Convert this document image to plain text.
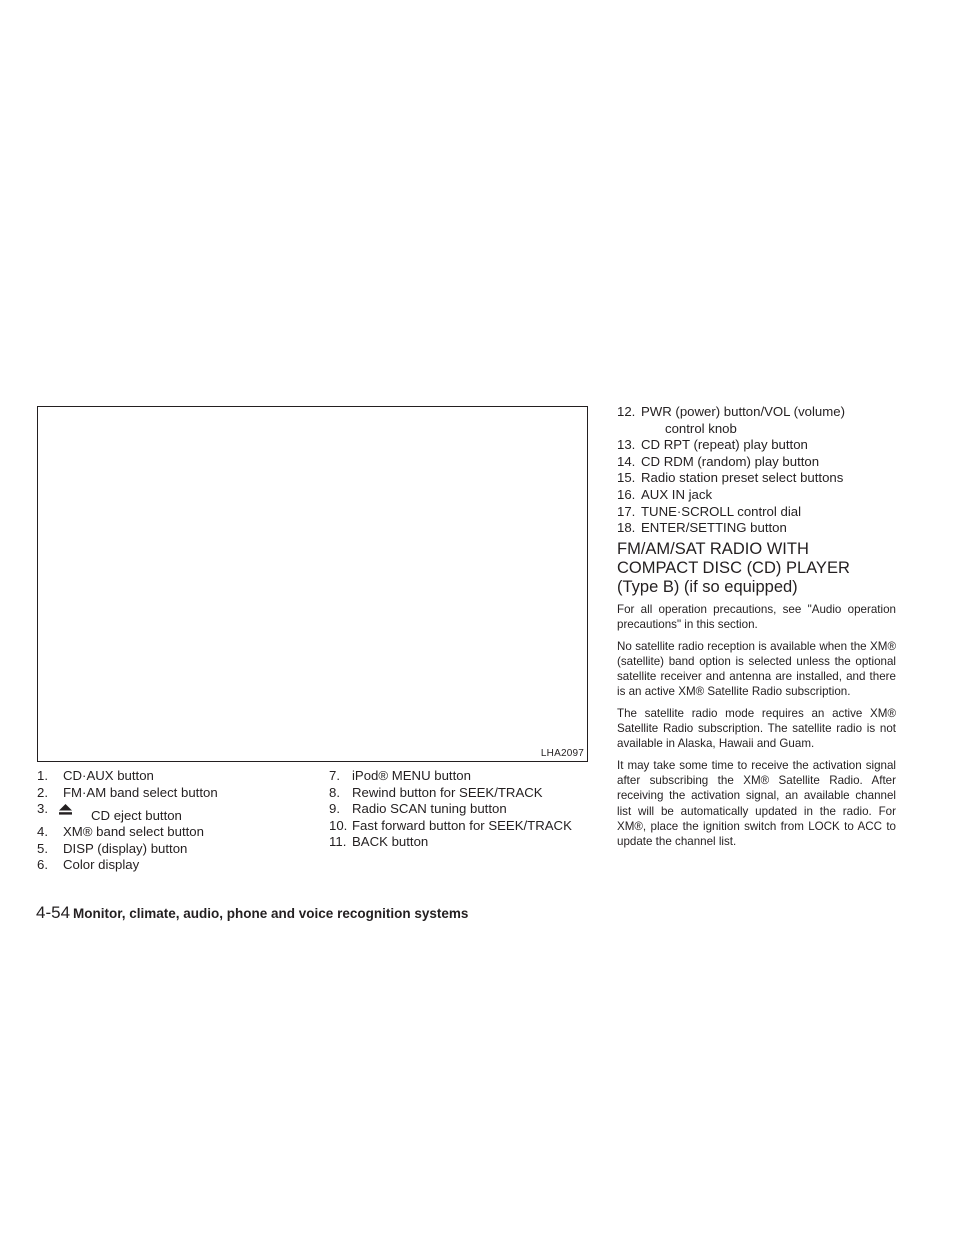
LHA2097
1. CD·AUX button
2. FM·AM band select button
3.	CD eject button
4. XM® band select button
5. DISP (display) button
6. Color display
7. iPod® MENU button
8. Rewind button for SEEK/TRACK
9. Radio SCAN tuning button
10. Fast forward button for SEEK/TRACK
11. BACK button
12. PWR (power) button/VOL (volume)
control knob
13. CD RPT (repeat) play button
14. CD RDM (random) play button
15. Radio station preset select buttons
16. AUX IN jack
17. TUNE·SCROLL control dial
18. ENTER/SETTING button
FM/AM/SAT RADIO WITH
COMPACT DISC (CD) PLAYER
(Type B) (if so equipped)

For all operation precautions, see "Audio operation precautions" in this section.

No satellite radio reception is available when the XM® (satellite) band option is selected unless the optional satellite receiver and antenna are installed, and there is an active XM® Satellite Radio subscription.

The satellite radio mode requires an active XM® Satellite Radio subscription. The satellite radio is not available in Alaska, Hawaii and Guam.

It may take some time to receive the activation signal after subscribing the XM® Satellite Radio. After receiving the activation signal, an available channel list will be automatically updated in the radio. For XM®, place the ignition switch from LOCK to ACC to update the channel list.

4-54 Monitor, climate, audio, phone and voice recognition systems
